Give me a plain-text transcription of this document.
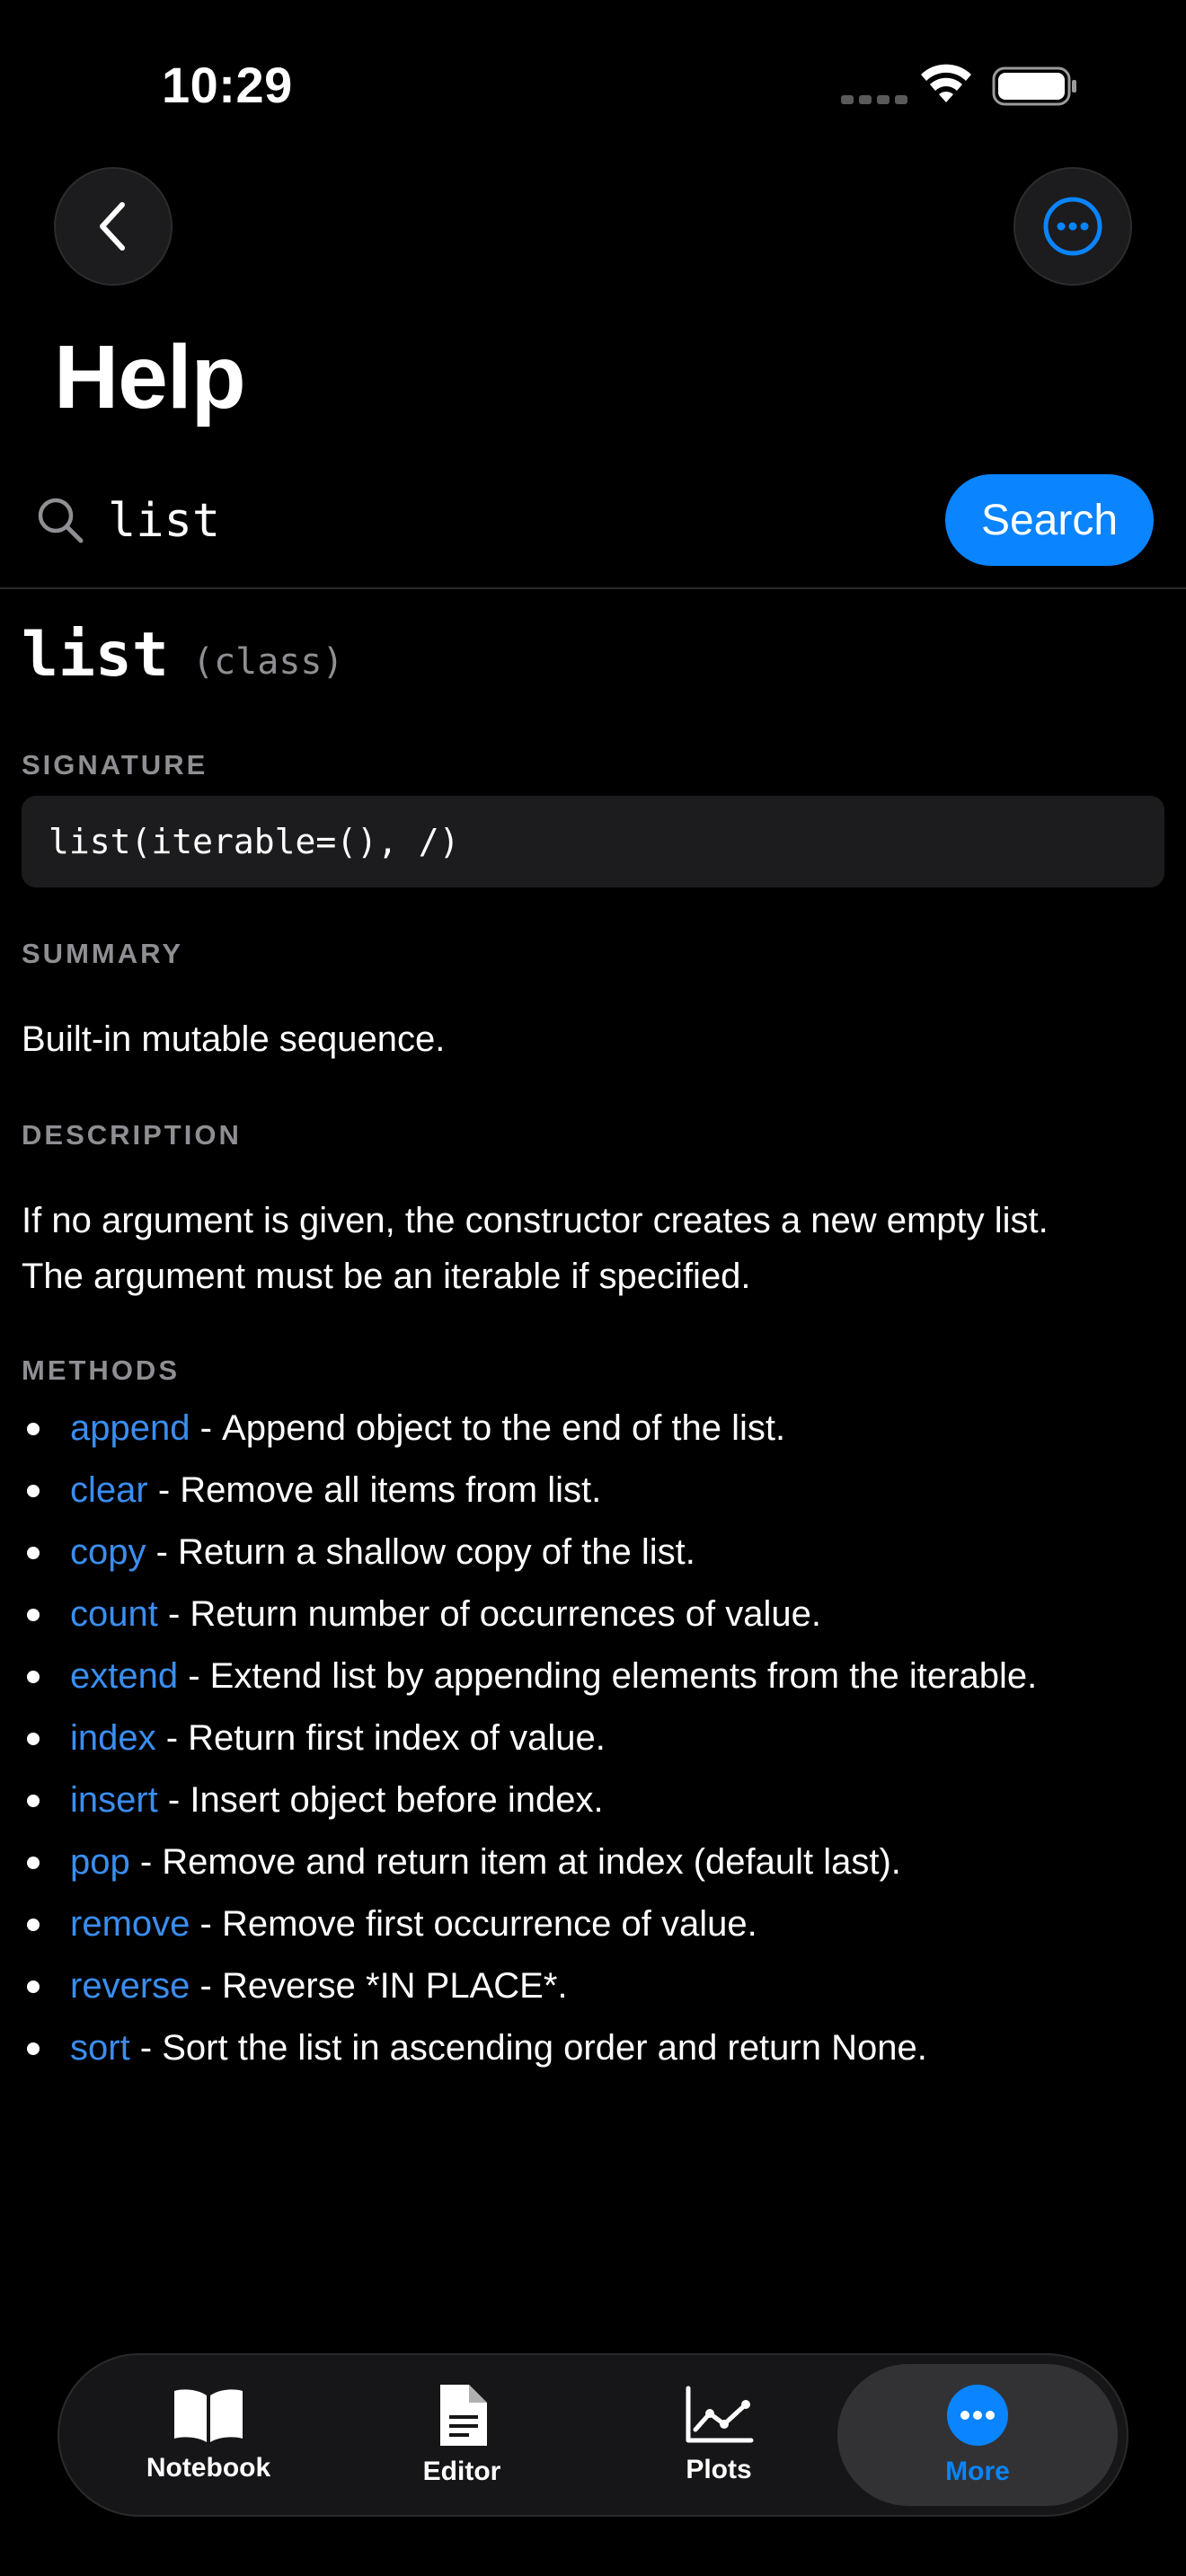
10:29
Help
list
Search
list (class)
SIGNATURE
list(iterable=(), /)
SUMMARY
Built-in mutable sequence.
DESCRIPTION
If no argument is given, the constructor creates a new empty list.
The argument must be an iterable if specified.
METHODS
append - Append object to the end of the list.
clear - Remove all items from list.
copy - Return a shallow copy of the list.
count - Return number of occurrences of value.
extend - Extend list by appending elements from the iterable.
index - Return first index of value.
insert - Insert object before index.
pop - Remove and return item at index (default last).
remove - Remove first occurrence of value.
reverse - Reverse *IN PLACE*.
sort - Sort the list in ascending order and return None.
Notebook	Editor	Plots	More
